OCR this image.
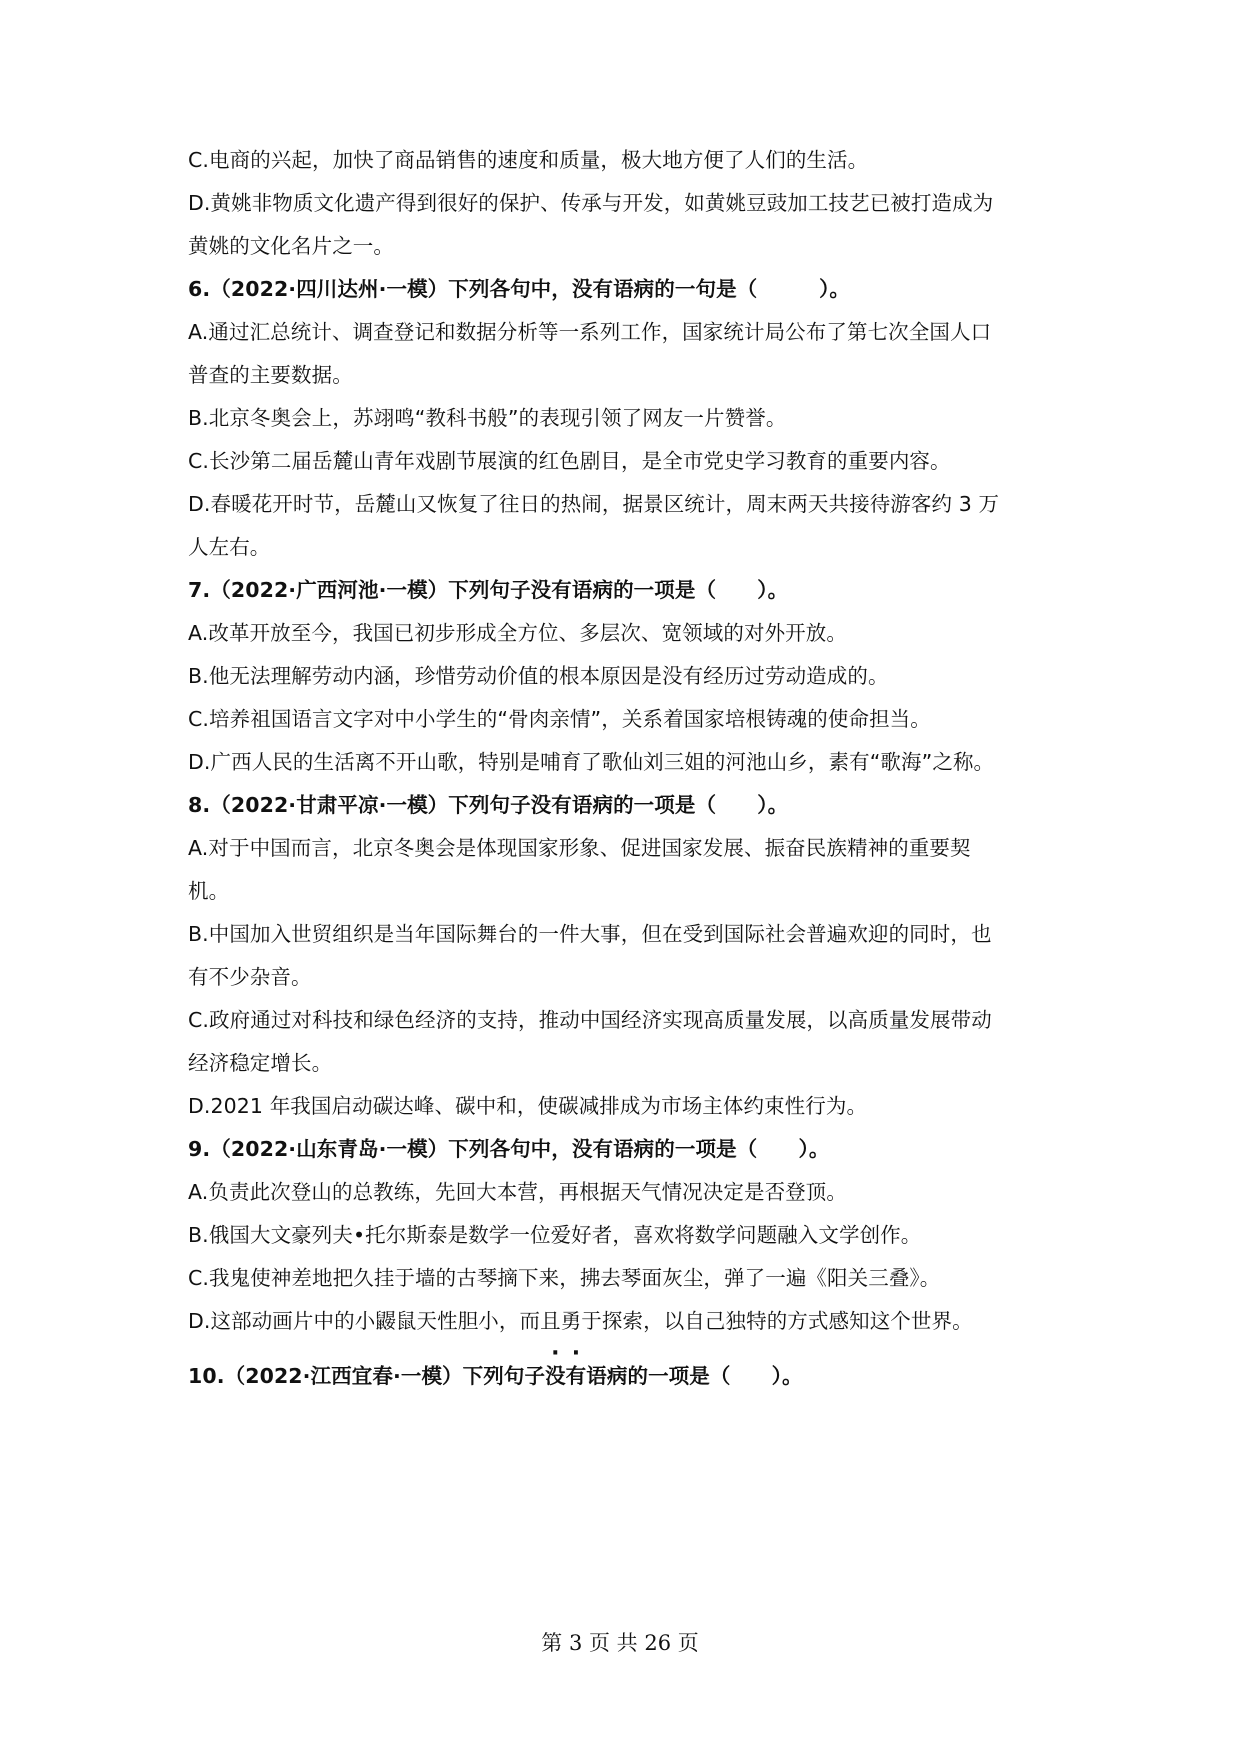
C.电商的兴起，加快了商品销售的速度和质量，极大地方便了人们的生活。
D.黄姚非物质文化遗产得到很好的保护、传承与开发，如黄姚豆豉加工技艺已被打造成为
黄姚的文化名片之一。
6.（2022·四川达州·一模）下列各句中，没有语病的一句是（　　　）。
A.通过汇总统计、调查登记和数据分析等一系列工作，国家统计局公布了第七次全国人口
普查的主要数据。
B.北京冬奥会上，苏翊鸣“教科书般”的表现引领了网友一片赞誉。
C.长沙第二届岳麓山青年戏剧节展演的红色剧目，是全市党史学习教育的重要内容。
D.春暖花开时节，岳麓山又恢复了往日的热闹，据景区统计，周末两天共接待游客约 3 万
人左右。
7.（2022·广西河池·一模）下列句子没有语病的一项是（　　）。
A.改革开放至今，我国已初步形成全方位、多层次、宽领域的对外开放。
B.他无法理解劳动内涵，珍惜劳动价值的根本原因是没有经历过劳动造成的。
C.培养祖国语言文字对中小学生的“骨肉亲情”，关系着国家培根铸魂的使命担当。
D.广西人民的生活离不开山歌，特别是哺育了歌仙刘三姐的河池山乡，素有“歌海”之称。
8.（2022·甘肃平凉·一模）下列句子没有语病的一项是（　　）。
A.对于中国而言，北京冬奥会是体现国家形象、促进国家发展、振奋民族精神的重要契
机。
B.中国加入世贸组织是当年国际舞台的一件大事，但在受到国际社会普遍欢迎的同时，也
有不少杂音。
C.政府通过对科技和绿色经济的支持，推动中国经济实现高质量发展，以高质量发展带动
经济稳定增长。
D.2021 年我国启动碳达峰、碳中和，使碳减排成为市场主体约束性行为。
9.（2022·山东青岛·一模）下列各句中，没有语病的一项是（　　）。
A.负责此次登山的总教练，先回大本营，再根据天气情况决定是否登顶。
B.俄国大文豪列夫•托尔斯泰是数学一位爱好者，喜欢将数学问题融入文学创作。
C.我鬼使神差地把久挂于墙的古琴摘下来，拂去琴面灰尘，弹了一遍《阳关三叠》。
D.这部动画片中的小鼹鼠天性胆小，而且勇于探索，以自己独特的方式感知这个世界。
10.（2022·江西宜春·一模）下列句子没有语病的一项是（　　）。
第 3 页 共 26 页
